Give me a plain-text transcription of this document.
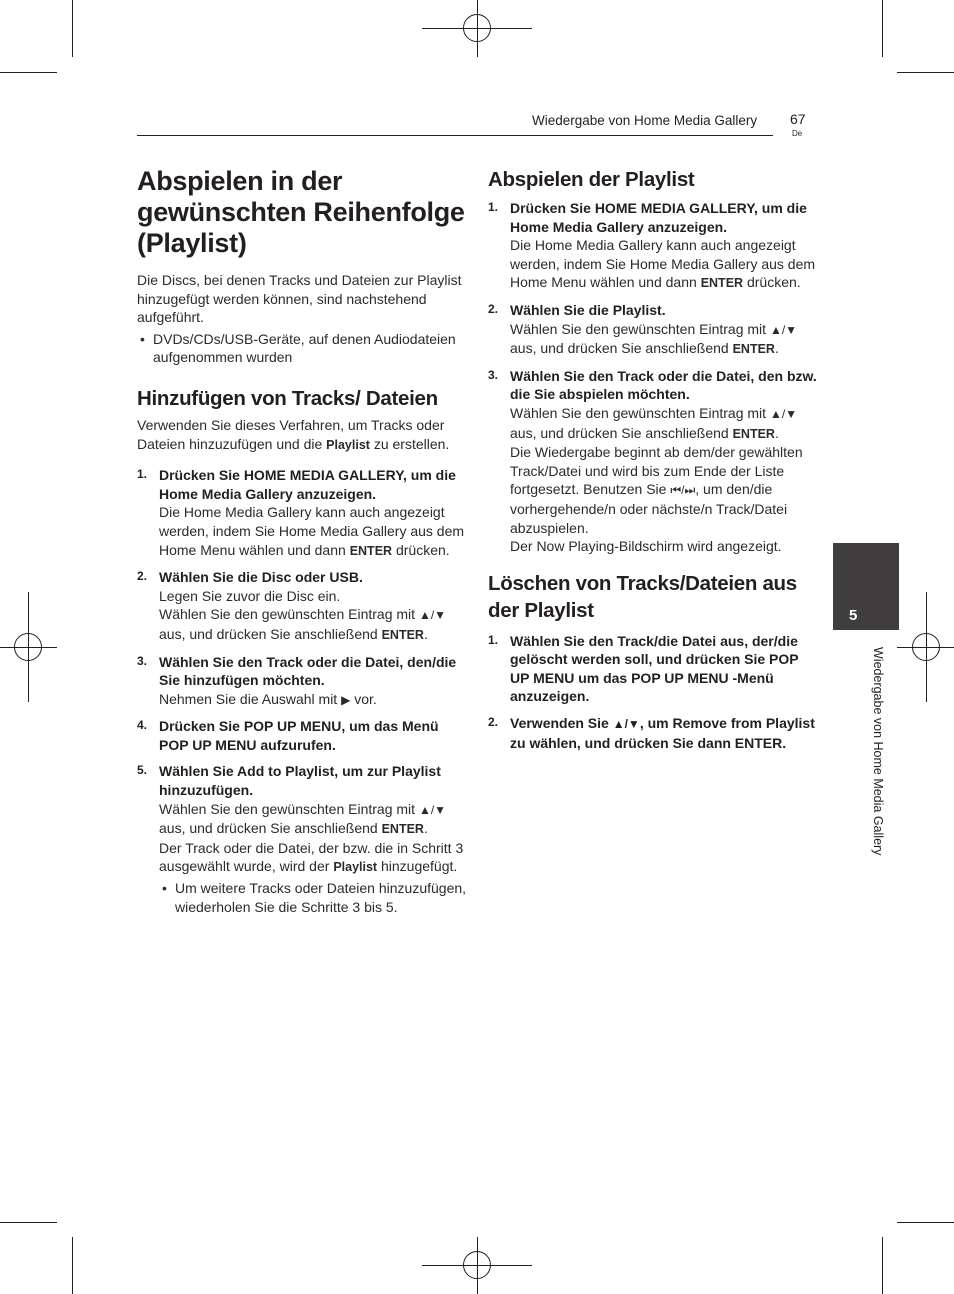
Wiedergabe von Home Media Gallery 67
De
5
Wiedergabe von Home Media Gallery
Abspielen in der gewünschten Reihenfolge (Playlist)

Die Discs, bei denen Tracks und Dateien zur Playlist hinzugefügt werden können, sind nachstehend aufgeführt.

• DVDs/CDs/USB-Geräte, auf denen Audiodateien aufgenommen wurden
Hinzufügen von Tracks/ Dateien

Verwenden Sie dieses Verfahren, um Tracks oder Dateien hinzuzufügen und die Playlist zu erstellen.

1. Drücken Sie HOME MEDIA GALLERY, um die Home Media Gallery anzuzeigen.
Die Home Media Gallery kann auch angezeigt werden, indem Sie Home Media Gallery aus dem Home Menu wählen und dann ENTER drücken.
2. Wählen Sie die Disc oder USB.
Legen Sie zuvor die Disc ein.
Wählen Sie den gewünschten Eintrag mit ▲/▼ aus, und drücken Sie anschließend ENTER.
3. Wählen Sie den Track oder die Datei, den/die Sie hinzufügen möchten.
Nehmen Sie die Auswahl mit ▶ vor.
4. Drücken Sie POP UP MENU, um das Menü POP UP MENU aufzurufen.
5. Wählen Sie Add to Playlist, um zur Playlist hinzuzufügen.
Wählen Sie den gewünschten Eintrag mit ▲/▼ aus, und drücken Sie anschließend ENTER.
Der Track oder die Datei, der bzw. die in Schritt 3 ausgewählt wurde, wird der Playlist hinzugefügt.
• Um weitere Tracks oder Dateien hinzuzufügen, wiederholen Sie die Schritte 3 bis 5.
Abspielen der Playlist
1. Drücken Sie HOME MEDIA GALLERY, um die Home Media Gallery anzuzeigen.
Die Home Media Gallery kann auch angezeigt werden, indem Sie Home Media Gallery aus dem Home Menu wählen und dann ENTER drücken.
2. Wählen Sie die Playlist.
Wählen Sie den gewünschten Eintrag mit ▲/▼ aus, und drücken Sie anschließend ENTER.
3. Wählen Sie den Track oder die Datei, den bzw. die Sie abspielen möchten.
Wählen Sie den gewünschten Eintrag mit ▲/▼ aus, und drücken Sie anschließend ENTER.
Die Wiedergabe beginnt ab dem/der gewählten Track/Datei und wird bis zum Ende der Liste fortgesetzt. Benutzen Sie ⏮/⏭, um den/die vorhergehende/n oder nächste/n Track/Datei abzuspielen.
Der Now Playing-Bildschirm wird angezeigt.
Löschen von Tracks/Dateien aus der Playlist
1. Wählen Sie den Track/die Datei aus, der/die gelöscht werden soll, und drücken Sie POP UP MENU um das POP UP MENU -Menü anzuzeigen.
2. Verwenden Sie ▲/▼, um Remove from Playlist zu wählen, und drücken Sie dann ENTER.
